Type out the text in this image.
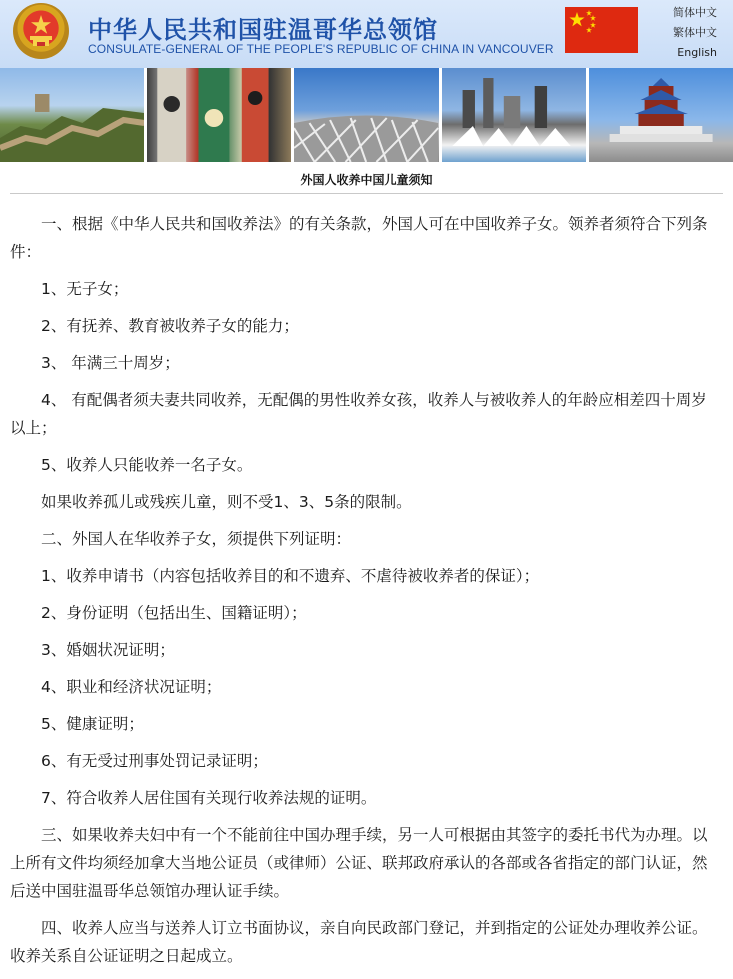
中华人民共和国驻温哥华总领馆
CONSULATE-GENERAL OF THE PEOPLE'S REPUBLIC OF CHINA IN VANCOUVER
简体中文
繁体中文
English
外国人收养中国儿童须知

一、根据《中华人民共和国收养法》的有关条款，外国人可在中国收养子女。领养者须符合下列条件：

1、无子女；

2、有抚养、教育被收养子女的能力；

3、 年满三十周岁；

4、 有配偶者须夫妻共同收养，无配偶的男性收养女孩，收养人与被收养人的年龄应相差四十周岁以上；

5、收养人只能收养一名子女。

如果收养孤儿或残疾儿童，则不受1、3、5条的限制。

二、外国人在华收养子女，须提供下列证明：

1、收养申请书（内容包括收养目的和不遗弃、不虐待被收养者的保证）；

2、身份证明（包括出生、国籍证明）；

3、婚姻状况证明；

4、职业和经济状况证明；

5、健康证明；

6、有无受过刑事处罚记录证明；

7、符合收养人居住国有关现行收养法规的证明。

三、如果收养夫妇中有一个不能前往中国办理手续，另一人可根据由其签字的委托书代为办理。以上所有文件均须经加拿大当地公证员（或律师）公证、联邦政府承认的各部或各省指定的部门认证，然后送中国驻温哥华总领馆办理认证手续。

四、收养人应当与送养人订立书面协议，亲自向民政部门登记，并到指定的公证处办理收养公证。 收养关系自公证证明之日起成立。
